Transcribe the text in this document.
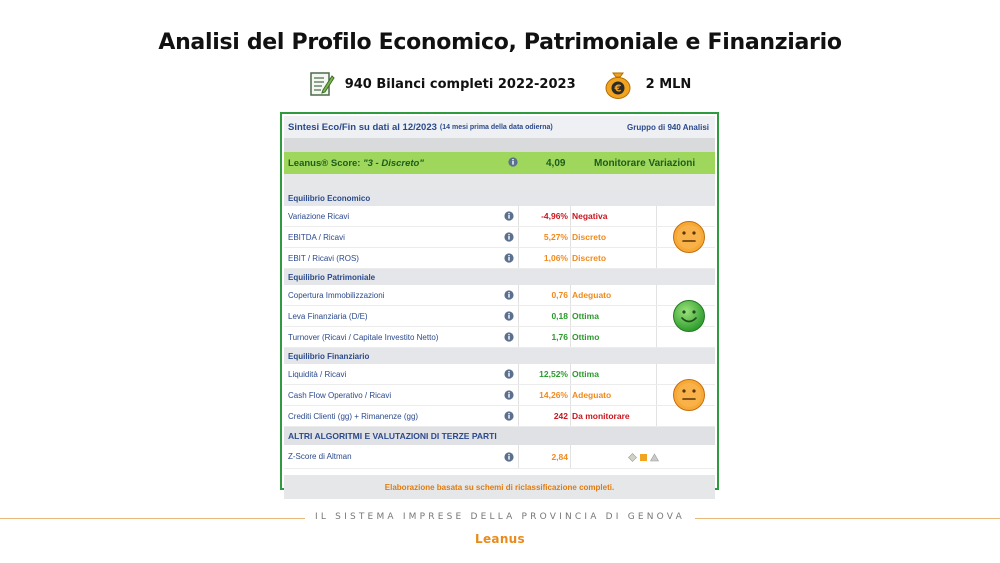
Analisi del Profilo Economico, Patrimoniale e Finanziario
940 Bilanci completi 2022-2023	€ 2 MLN
Sintesi Eco/Fin su dati al 12/2023 (14 mesi prima della data odierna)	Gruppo di 940 Analisi
Leanus® Score: "3 - Discreto"	4,09	Monitorare Variazioni
Equilibrio Economico
Variazione Ricavi	-4,96% Negativa
EBITDA / Ricavi	5,27% Discreto
EBIT / Ricavi (ROS)	1,06% Discreto
Equilibrio Patrimoniale
Copertura Immobilizzazioni	0,76 Adeguato
Leva Finanziaria (D/E)	0,18 Ottima
Turnover (Ricavi / Capitale Investito Netto)	1,76 Ottimo
Equilibrio Finanziario
Liquidità / Ricavi	12,52% Ottima
Cash Flow Operativo / Ricavi	14,26% Adeguato
Crediti Clienti (gg) + Rimanenze (gg)	242 Da monitorare
ALTRI ALGORITMI E VALUTAZIONI DI TERZE PARTI
Z-Score di Altman	2,84
Elaborazione basata su schemi di riclassificazione completi.
IL SISTEMA IMPRESE DELLA PROVINCIA DI GENOVA
Leanus
